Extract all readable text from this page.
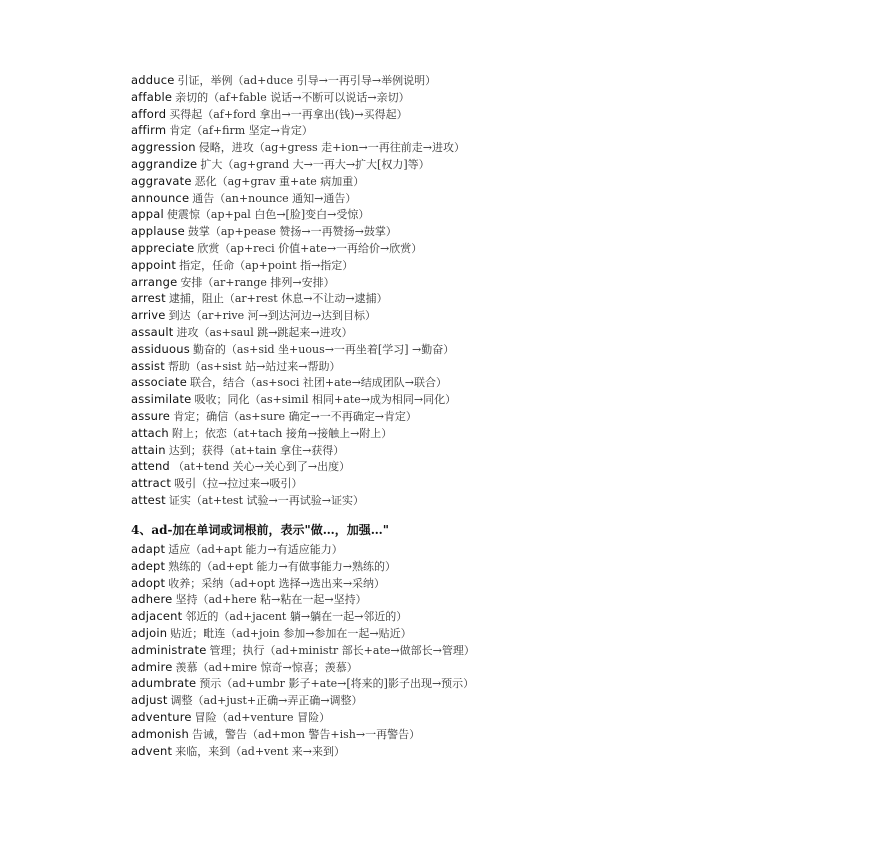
adduce 引证，举例（ad+duce 引导→一再引导→举例说明）
affable 亲切的（af+fable 说话→不断可以说话→亲切）
afford 买得起（af+ford 拿出→一再拿出(钱)→买得起）
affirm 肯定（af+firm 坚定→肯定）
aggression 侵略，进攻（ag+gress 走+ion→一再往前走→进攻）
aggrandize 扩大（ag+grand 大→一再大→扩大[权力]等）
aggravate 恶化（ag+grav 重+ate 病加重）
announce 通告（an+nounce 通知→通告）
appal 使震惊（ap+pal 白色→[脸]变白→受惊）
applause 鼓掌（ap+pease 赞扬→一再赞扬→鼓掌）
appreciate 欣赏（ap+reci 价值+ate→一再给价→欣赏）
appoint 指定，任命（ap+point 指→指定）
arrange 安排（ar+range 排列→安排）
arrest 逮捕，阻止（ar+rest 休息→不让动→逮捕）
arrive 到达（ar+rive 河→到达河边→达到目标）
assault 进攻（as+saul 跳→跳起来→进攻）
assiduous 勤奋的（as+sid 坐+uous→一再坐着[学习] →勤奋）
assist 帮助（as+sist 站→站过来→帮助）
associate 联合，结合（as+soci 社团+ate→结成团队→联合）
assimilate 吸收；同化（as+simil 相同+ate→成为相同→同化）
assure 肯定；确信（as+sure 确定→一不再确定→肯定）
attach 附上；依恋（at+tach 接角→接触上→附上）
attain 达到；获得（at+tain 拿住→获得）
attend （at+tend 关心→关心到了→出度）
attract 吸引（拉→拉过来→吸引）
attest 证实（at+test 试验→一再试验→证实）
4、ad-加在单词或词根前，表示"做…，加强…"
adapt 适应（ad+apt 能力→有适应能力）
adept 熟练的（ad+ept 能力→有做事能力→熟练的）
adopt 收养；采纳（ad+opt 选择→选出来→采纳）
adhere 坚持（ad+here 粘→粘在一起→坚持）
adjacent 邻近的（ad+jacent 躺→躺在一起→邻近的）
adjoin 贴近；毗连（ad+join 参加→参加在一起→贴近）
administrate 管理；执行（ad+ministr 部长+ate→做部长→管理）
admire 羡慕（ad+mire 惊奇→惊喜；羡慕）
adumbrate 预示（ad+umbr 影子+ate→[将来的]影子出现→预示）
adjust 调整（ad+just+正确→弄正确→调整）
adventure 冒险（ad+venture 冒险）
admonish 告诫，警告（ad+mon 警告+ish→一再警告）
advent 来临，来到（ad+vent 来→来到）
